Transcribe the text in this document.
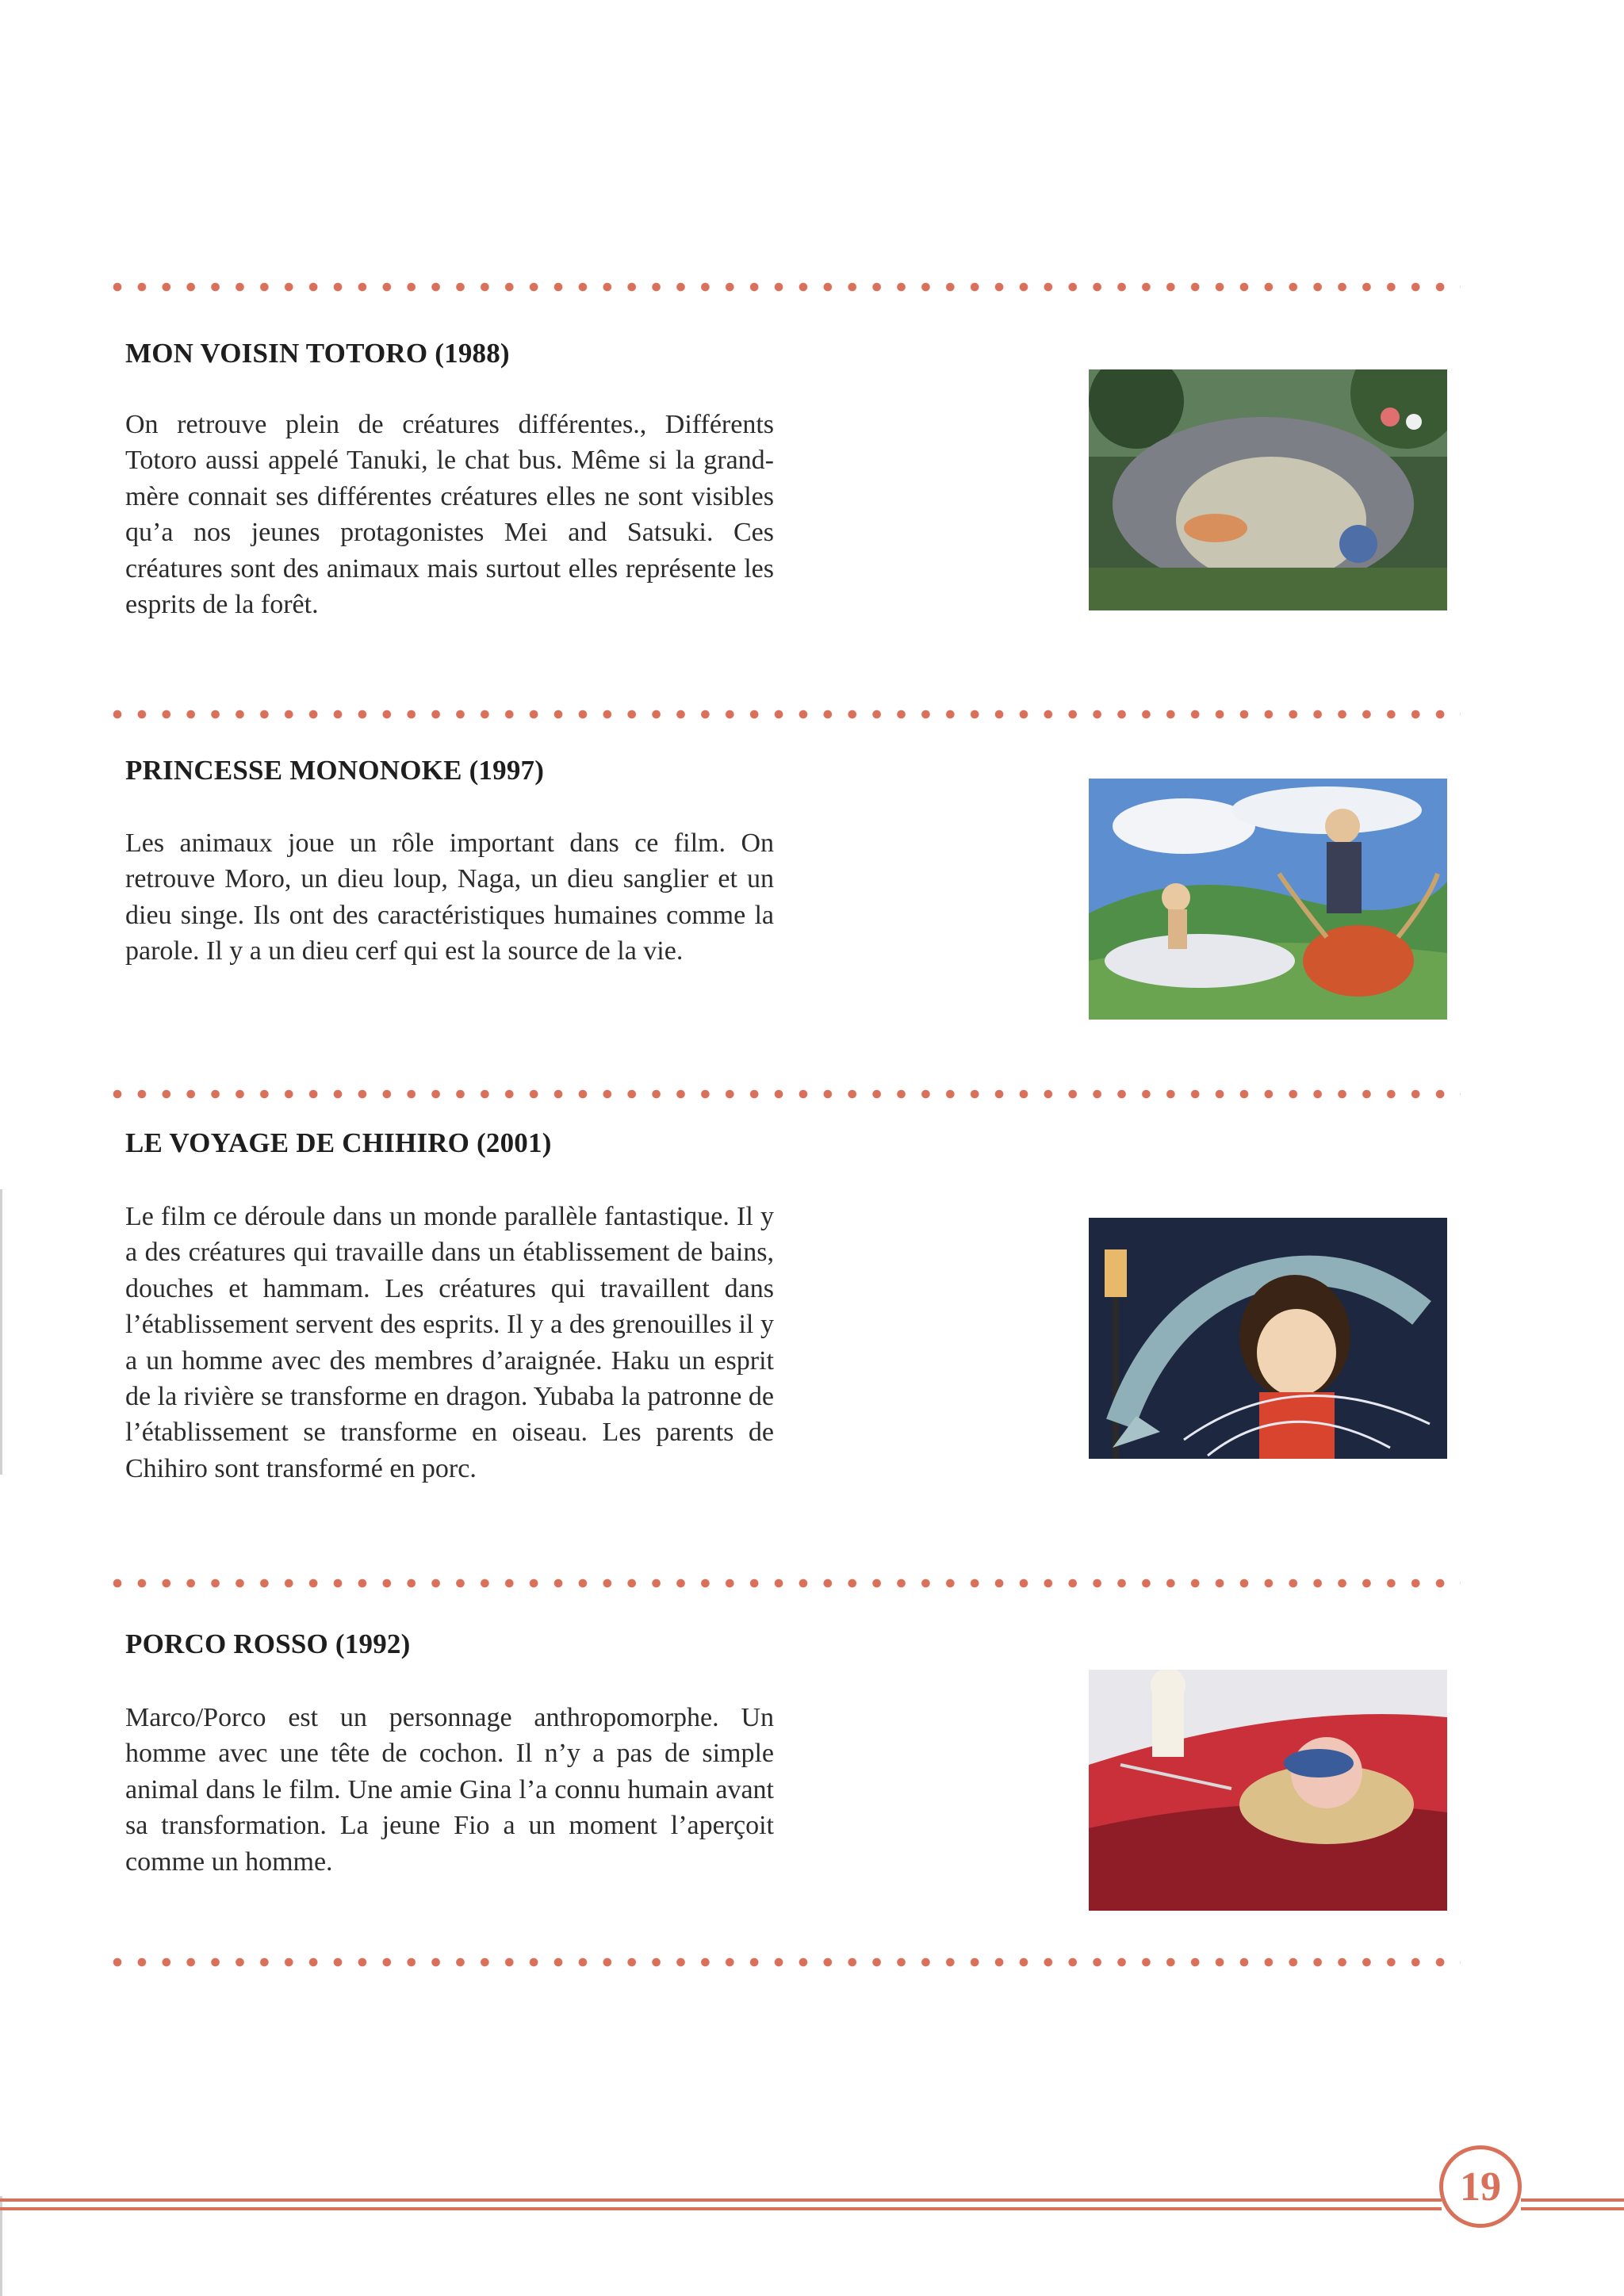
MON VOISIN TOTORO (1988)
On retrouve plein de créatures différentes., Différents Totoro aussi appelé Tanuki, le chat bus. Même si la grand-mère connait ses différentes créatures elles ne sont visibles qu’a nos jeunes protagonistes Mei and Satsuki. Ces créatures sont des animaux mais surtout elles représente les esprits de la forêt.
PRINCESSE MONONOKE (1997)
Les animaux joue un rôle important dans ce film. On retrouve Moro, un dieu loup, Naga, un dieu sanglier et un dieu singe. Ils ont des caractéristiques humaines comme la parole. Il y a un dieu cerf qui est la source de la vie.
LE VOYAGE DE CHIHIRO (2001)
Le film ce déroule dans un monde parallèle fantastique. Il y a des créatures qui travaille dans un établissement de bains, douches et hammam. Les créatures qui travaillent dans l’établissement servent des esprits. Il y a des grenouilles il y a un homme avec des membres d’araignée. Haku un esprit de la rivière se transforme en dragon. Yubaba la patronne de l’établissement se transforme en oiseau. Les parents de Chihiro sont transformé en porc.
PORCO ROSSO (1992)
Marco/Porco est un personnage anthropomorphe. Un homme avec une tête de cochon. Il n’y a pas de simple animal dans le film. Une amie Gina l’a connu humain avant sa transformation. La jeune Fio a un moment l’aperçoit comme un homme.
19
